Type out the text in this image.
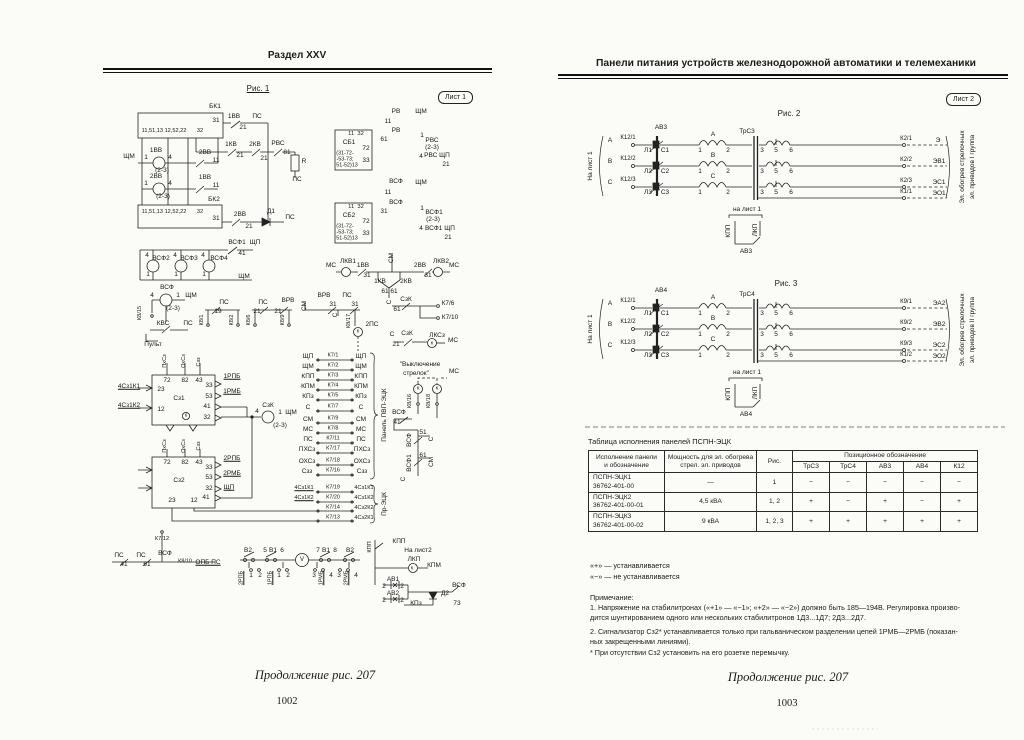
БК1
11,51,13 12,52,22 32
31
1ВВ
21
ПС
1КВ
21
2КВ
21
РВС
81
R
ПС
ЩМ
1ВВ
1	4
(2-3)
2ВВ
11
2ВВ
1	4
(2-3)
1ВВ
11
БК2
11,51,13 12,52,22 32
31
2ВВ
21
Д1
ПС
РВ ЩМ
11
11  32
СБ1
72
(31-72-
-53-73;
51-52)13
33
РВ
61
1
РВС
(2-3)
4 РВС ЩП
21
ВСФ ЩМ
11
11  32
СБ2
72
(31-72-
-53-73;
51-52)13
33
ВСФ
31	1
ВСФ1
(2-3)
4 ВСФ1 ЩП
21
ВСФ1 ЩП
41
4 ВСФ2 4 ВСФ3 4 ВСФ4
1	1	1	ЩМ
ВСФ
4	1 ЩМ
(2-3)
К8/15
КВС ПС
Пульт
ПС
19
К8/1	К8/2
ПС
21
ВРВ
21
К8/6	К8/9
СМ
ВРВ
31
ПС
31
С К8/17 2ПС
К
МС
ЛКВ1
1ВВ
31
СМ
1КВ
61 61
2КВ
С
2ВВ
31
ЛКВ2
МС
СзК
61
К7/6
К7/10
С СзК
21
ЛКСз
К МС
ПхСз ОхСз Сзз
72 82 43
33
1РПБ
4Сз1К1	23
Сз1	53
1РМБ
4Сз1К2
12	41
6 32
4
СзК
1 ЩМ
(2-3)
ПхСз ОхСз Сзз
72 82 43
33
2РПБ
53
2РМБ
Сз2
32 ЩП
23 12 41
К7/12
ЩП	К7/1	ЩП
ЩМ	К7/2	ЩМ
КПП К7/3 КПП
КПМ К7/4 КПМ
КПз	К7/5	КПз
С	К7/7	С
СМ	К7/9	СМ
МС	К7/8	МС
ПС	К7/11	ПС
ПХСз К7/17 ПХСз
ОХСз К7/18 ОХСз
Сзз	К7/16	Сзз
4Сз1К1 К7/19	4Сз1К1
4Сз1К2 К7/20	4Сз1К2
К7/14	4Сз2К2
К7/13	4Сз2К1
Панель ПВП-ЭЦК
Пр-ЭЦК
"Выключение
стрелок"	МС
К	К
К8/16 К8/18
ВСФ
41
ВСФ
51
С
ВСФ1 61
СМ
С
ПС
41
ПС
61
ВСФ
К8/10 ОПБ ПС
В2 5 В1 6
V
7 В1 8 В2
2РПБ 1 2 1РПБ 1 2	3 1РМБ 4 3 2РМБ 4
КПП
КПП
На лист2
ЛКП
К КПМ
АВ1
2 2
АВ2
2 2
Д2
КПз
ВСФ
73
На лист 1
А К12/1
В К12/2
С К12/3
АВ3
Л1 С1
Л2 С2
Л3 С3
А
1	2
В
1	2
С
1	2
ТрС3
3 5 6
3 5 6
3 5 6
К2/1	Э
К2/2	ЭВ1
К2/3	ЭС1
К1/1	ЭО1 Эл. обогрев стрелочных эл. приводов I группа
на лист 1
КПП	ЛКП
АВ3
На лист 1
А К12/1
В К12/2
С К12/3
АВ4
Л1 С1
Л2 С2
Л3 С3
А
1	2
В
1	2
С
1	2
ТрС4
3 5 6
3 5 6
3 5 6
К9/1	ЭА2
К9/2	ЭВ2
К9/3	ЭС2
К1/2	ЭО2 Эл. обогрев стрелочных эл. приводов II группа
на лист 1
КПП	ЛКП
АВ4
Раздел XXV
Рис. 1
Лист 1
Продолжение рис. 207
1002
Панели питания устройств железнодорожной автоматики и телемеханики
Лист 2
Рис. 2
Рис. 3
Таблица исполнения панелей ПСПН-ЭЦК
Исполнение панели
и обозначение	Мощность для эл. обогрева
стрел. эл. приводов	Рис.	Позиционное обозначение				
			ТрС3	ТрС4	АВ3	АВ4	К12
ПСПН-ЭЦК1
36762-401-00	—	1	−	−	−	−	−
ПСПН-ЭЦК2
36762-401-00-01	4,5 кВА	1, 2	+	−	+	−	+
ПСПН-ЭЦК3
36762-401-00-02	9 кВА	1, 2, 3	+	+	+	+	+
«+» — устанавливается
«−» — не устанавливается
Примечание:
1. Напряжение на стабилитронах («+1» — «−1»; «+2» — «−2») должно быть 185—194В. Регулировка произво-
дится шунтированием одного или нескольких стабилитронов 1Д3...1Д7; 2Д3...2Д7.
2. Сигнализатор Сз2* устанавливается только при гальваническом разделении цепей 1РМБ—2РМБ (показан-
ных закрещенными линиями).
* При отсутствии Сз2 установить на его розетке перемычку.
Продолжение рис. 207
1003
